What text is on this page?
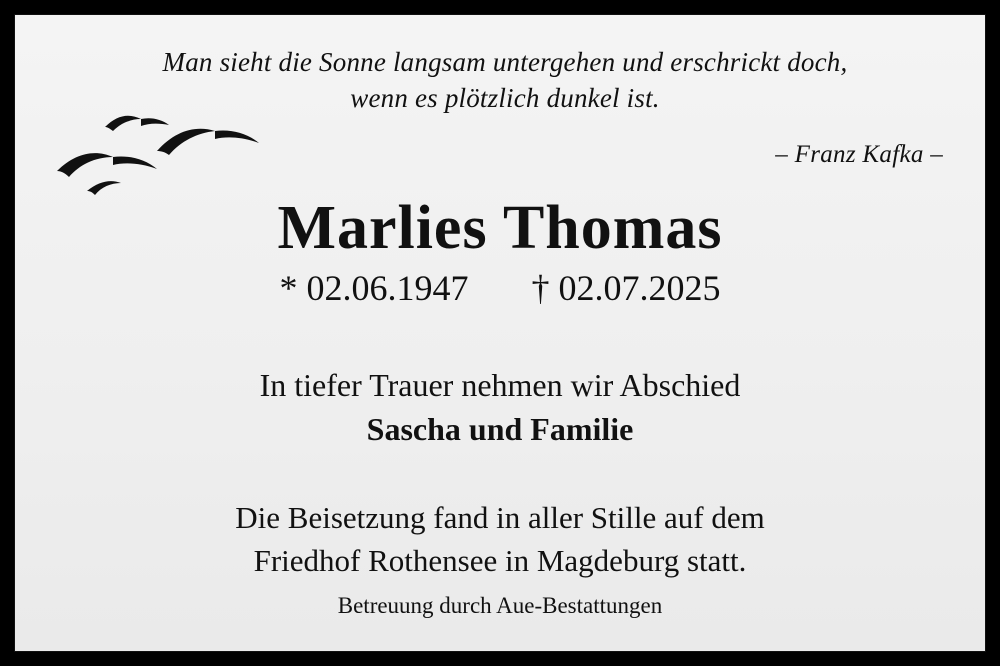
Man sieht die Sonne langsam untergehen und erschrickt doch,
wenn es plötzlich dunkel ist.
– Franz Kafka –
Marlies Thomas
* 02.06.1947 † 02.07.2025
In tiefer Trauer nehmen wir Abschied
Sascha und Familie
Die Beisetzung fand in aller Stille auf dem
Friedhof Rothensee in Magdeburg statt.
Betreuung durch Aue-Bestattungen
